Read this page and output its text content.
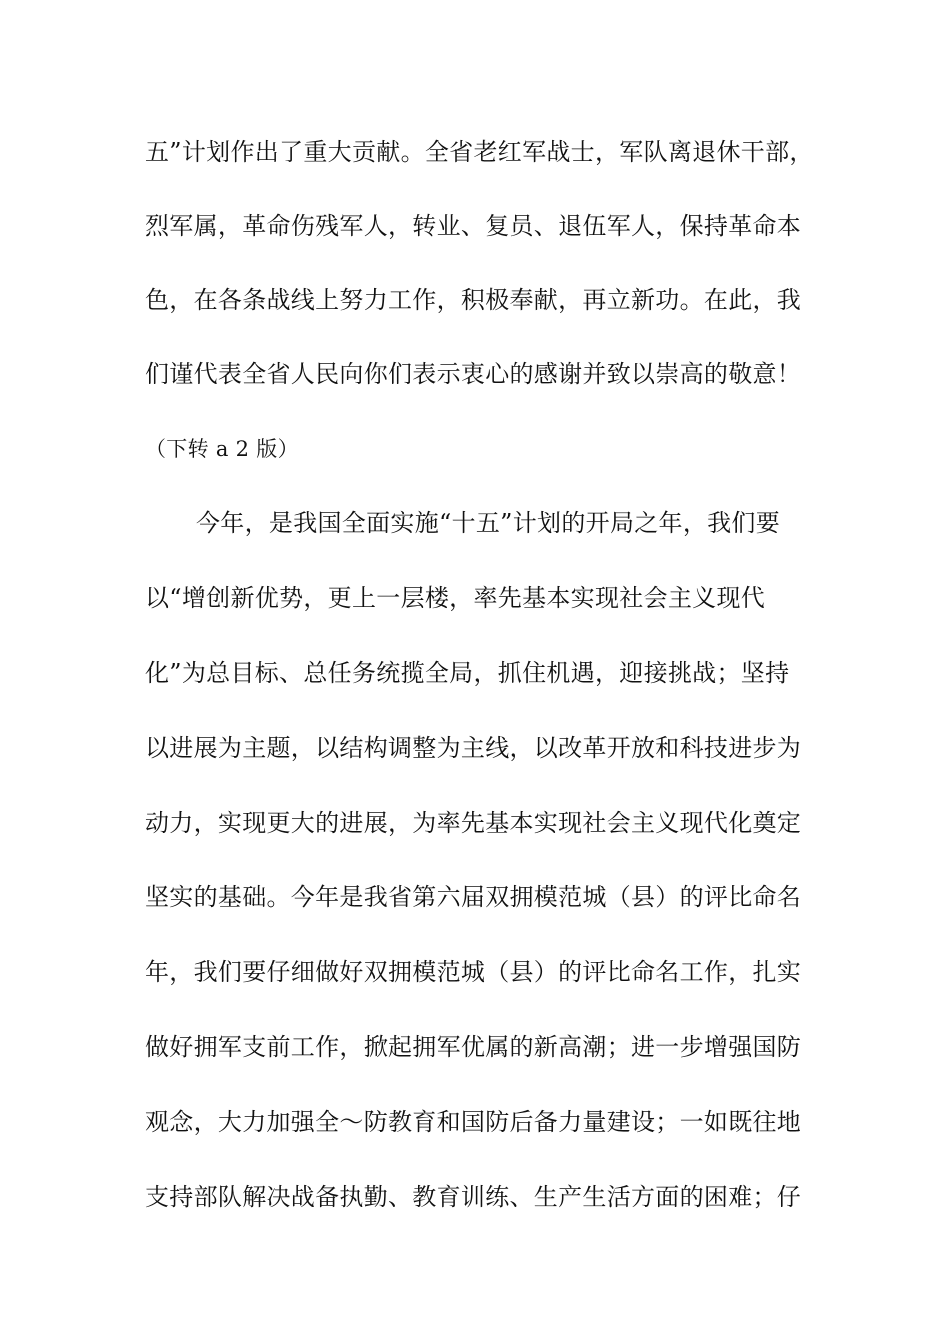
五”计划作出了重大贡献。全省老红军战士，军队离退休干部，
烈军属，革命伤残军人，转业、复员、退伍军人，保持革命本
色，在各条战线上努力工作，积极奉献，再立新功。在此，我
们谨代表全省人民向你们表示衷心的感谢并致以崇高的敬意！
（下转 a 2 版）
今年，是我国全面实施“十五”计划的开局之年，我们要
以“增创新优势，更上一层楼，率先基本实现社会主义现代
化”为总目标、总任务统揽全局，抓住机遇，迎接挑战；坚持
以进展为主题，以结构调整为主线，以改革开放和科技进步为
动力，实现更大的进展，为率先基本实现社会主义现代化奠定
坚实的基础。今年是我省第六届双拥模范城（县）的评比命名
年，我们要仔细做好双拥模范城（县）的评比命名工作，扎实
做好拥军支前工作，掀起拥军优属的新高潮；进一步增强国防
观念，大力加强全～防教育和国防后备力量建设；一如既往地
支持部队解决战备执勤、教育训练、生产生活方面的困难；仔
